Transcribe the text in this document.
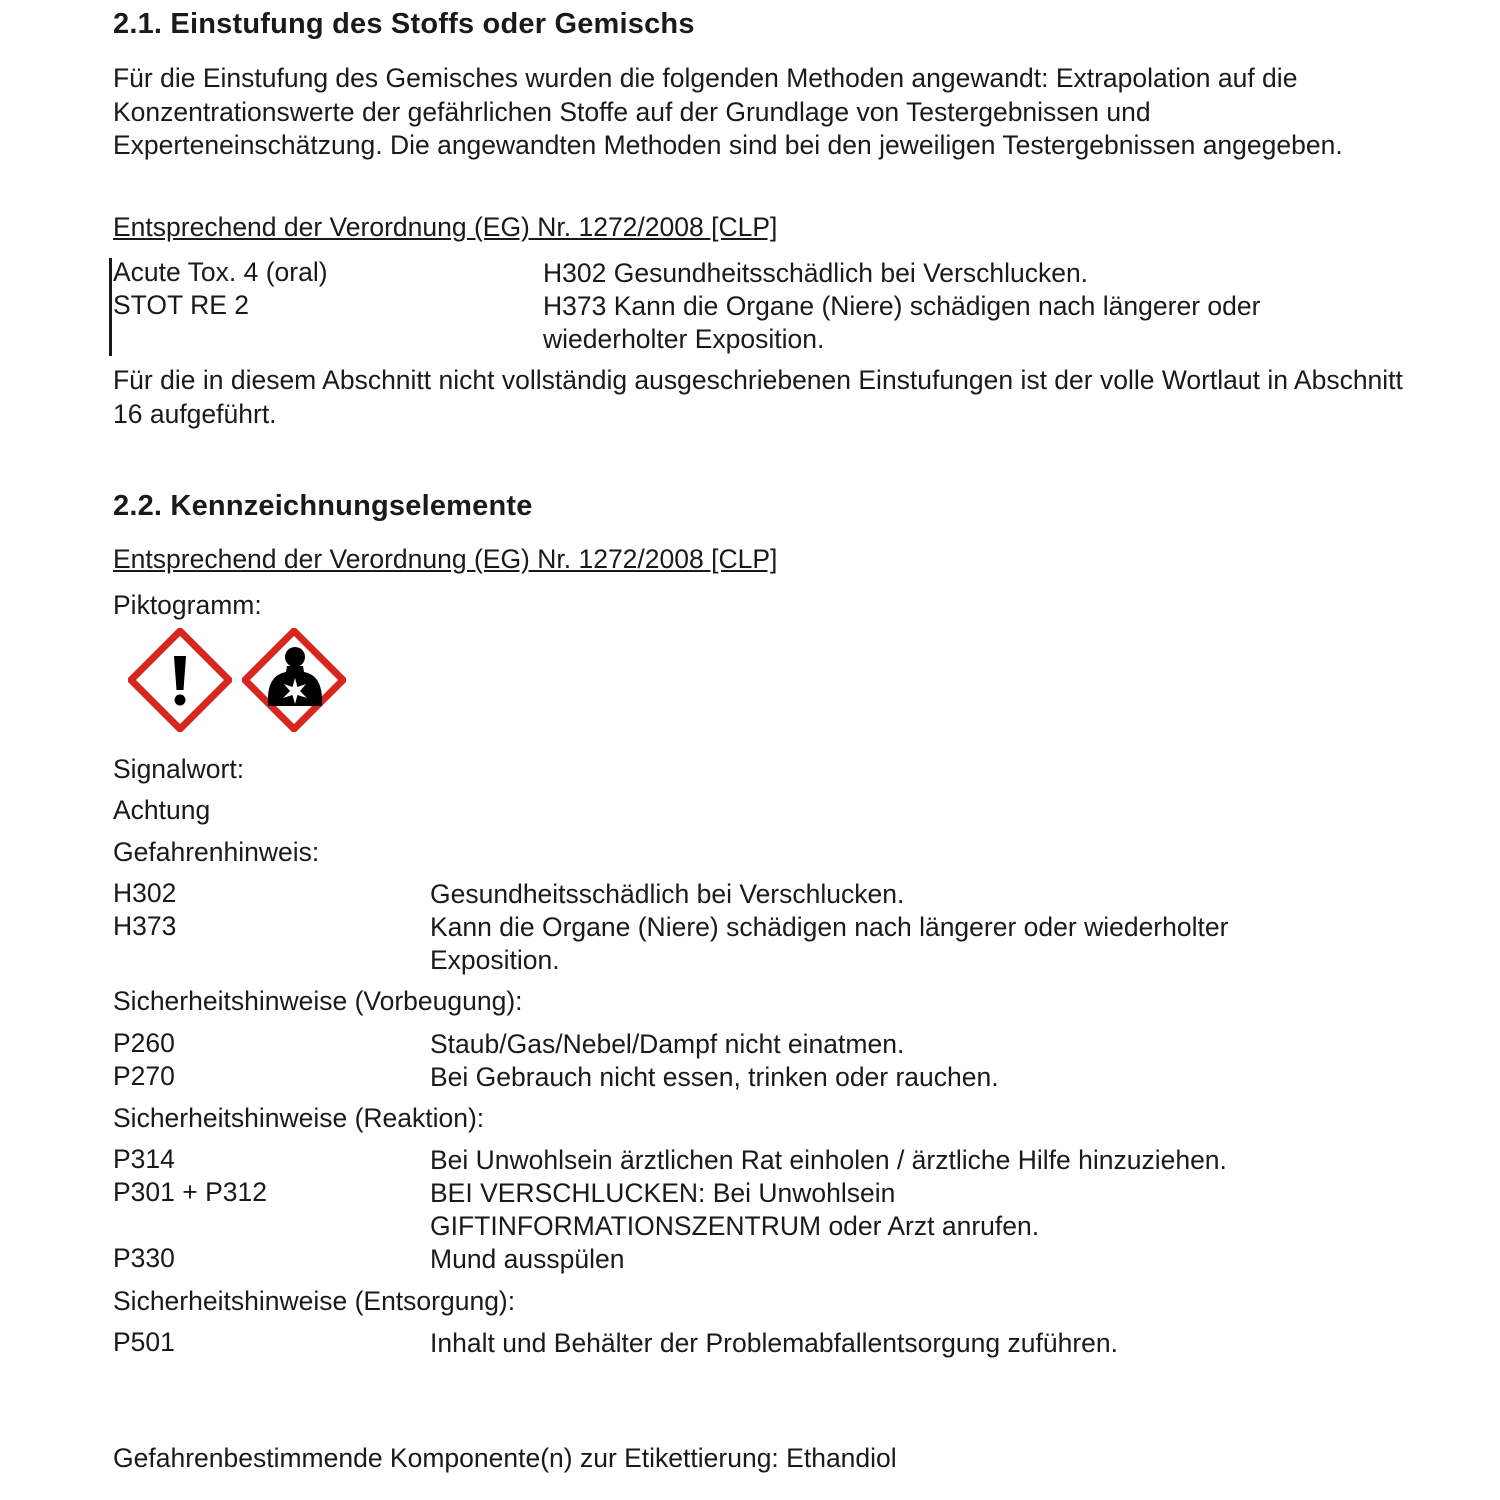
2.1. Einstufung des Stoffs oder Gemischs
Für die Einstufung des Gemisches wurden die folgenden Methoden angewandt: Extrapolation auf die Konzentrationswerte der gefährlichen Stoffe auf der Grundlage von Testergebnissen und Experteneinschätzung. Die angewandten Methoden sind bei den jeweiligen Testergebnissen angegeben.
Entsprechend der Verordnung (EG) Nr. 1272/2008 [CLP]
Acute Tox. 4 (oral)	H302 Gesundheitsschädlich bei Verschlucken.
STOT RE 2	H373 Kann die Organe (Niere) schädigen nach längerer oder wiederholter Exposition.
Für die in diesem Abschnitt nicht vollständig ausgeschriebenen Einstufungen ist der volle Wortlaut in Abschnitt 16 aufgeführt.
2.2. Kennzeichnungselemente
Entsprechend der Verordnung (EG) Nr. 1272/2008 [CLP]
Piktogramm:
Signalwort:
Achtung
Gefahrenhinweis:
H302	Gesundheitsschädlich bei Verschlucken.
H373	Kann die Organe (Niere) schädigen nach längerer oder wiederholter Exposition.
Sicherheitshinweise (Vorbeugung):
P260	Staub/Gas/Nebel/Dampf nicht einatmen.
P270	Bei Gebrauch nicht essen, trinken oder rauchen.
Sicherheitshinweise (Reaktion):
P314	Bei Unwohlsein ärztlichen Rat einholen / ärztliche Hilfe hinzuziehen.
P301 + P312	BEI VERSCHLUCKEN: Bei Unwohlsein GIFTINFORMATIONSZENTRUM oder Arzt anrufen.
P330	Mund ausspülen
Sicherheitshinweise (Entsorgung):
P501	Inhalt und Behälter der Problemabfallentsorgung zuführen.
Gefahrenbestimmende Komponente(n) zur Etikettierung: Ethandiol
